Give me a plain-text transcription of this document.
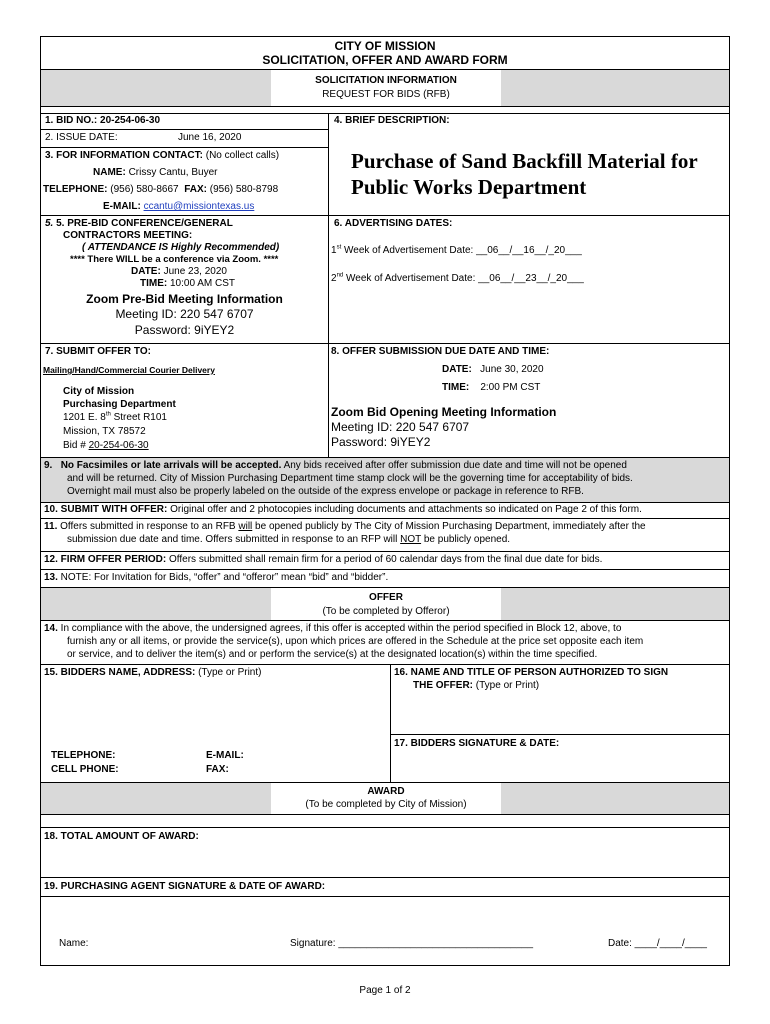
CITY OF MISSION
SOLICITATION, OFFER AND AWARD FORM
SOLICITATION INFORMATION
REQUEST FOR BIDS (RFB)
1. BID NO.: 20-254-06-30
2. ISSUE DATE:	June 16, 2020
3. FOR INFORMATION CONTACT: (No collect calls)
NAME: Crissy Cantu, Buyer
TELEPHONE: (956) 580-8667 FAX: (956) 580-8798
E-MAIL: ccantu@missiontexas.us
4. BRIEF DESCRIPTION:
Purchase of Sand Backfill Material for
Public Works Department
5. 5. PRE-BID CONFERENCE/GENERAL
CONTRACTORS MEETING:
( ATTENDANCE IS Highly Recommended)
**** There WILL be a conference via Zoom. ****
DATE: June 23, 2020
TIME: 10:00 AM CST
Zoom Pre-Bid Meeting Information
Meeting ID: 220 547 6707
Password: 9iYEY2
6. ADVERTISING DATES:
1st Week of Advertisement Date: __06__/__16__/_20___
2nd Week of Advertisement Date: __06__/__23__/_20___
7. SUBMIT OFFER TO:
Mailing/Hand/Commercial Courier Delivery
City of Mission
Purchasing Department
1201 E. 8th Street R101
Mission, TX 78572
Bid # 20-254-06-30
8. OFFER SUBMISSION DUE DATE AND TIME:
DATE: June 30, 2020
TIME: 2:00 PM CST
Zoom Bid Opening Meeting Information
Meeting ID: 220 547 6707
Password: 9iYEY2
9. No Facsimiles or late arrivals will be accepted. Any bids received after offer submission due date and time will not be opened
and will be returned. City of Mission Purchasing Department time stamp clock will be the governing time for acceptability of bids.
Overnight mail must also be properly labeled on the outside of the express envelope or package in reference to RFB.
10. SUBMIT WITH OFFER: Original offer and 2 photocopies including documents and attachments so indicated on Page 2 of this form.
11. Offers submitted in response to an RFB will be opened publicly by The City of Mission Purchasing Department, immediately after the
submission due date and time. Offers submitted in response to an RFP will NOT be publicly opened.
12. FIRM OFFER PERIOD: Offers submitted shall remain firm for a period of 60 calendar days from the final due date for bids.
13. NOTE: For Invitation for Bids, “offer” and “offeror” mean “bid” and “bidder”.
OFFER
(To be completed by Offeror)
14. In compliance with the above, the undersigned agrees, if this offer is accepted within the period specified in Block 12, above, to
furnish any or all items, or provide the service(s), upon which prices are offered in the Schedule at the price set opposite each item
or service, and to deliver the item(s) and or perform the service(s) at the designated location(s) within the time specified.
15. BIDDERS NAME, ADDRESS: (Type or Print)
TELEPHONE:
CELL PHONE:
E-MAIL:
FAX:
16. NAME AND TITLE OF PERSON AUTHORIZED TO SIGN
THE OFFER: (Type or Print)
17. BIDDERS SIGNATURE & DATE:
AWARD
(To be completed by City of Mission)
18. TOTAL AMOUNT OF AWARD:
19. PURCHASING AGENT SIGNATURE & DATE OF AWARD:
Name:	Signature: ___________________________________	Date: ____/____/____
Page 1 of 2
